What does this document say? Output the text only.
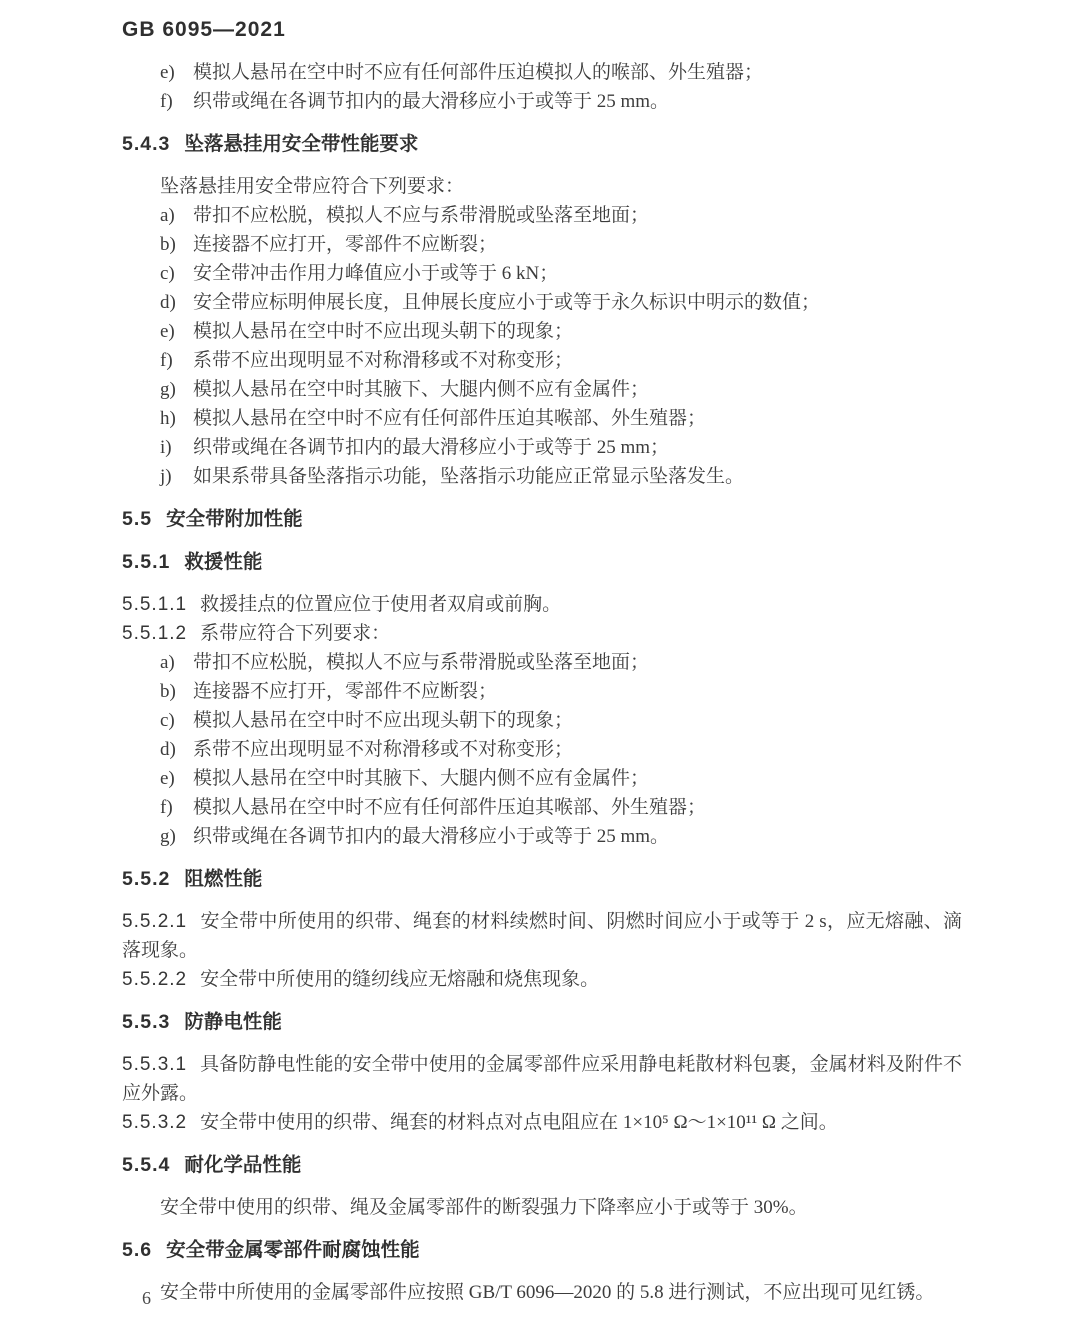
GB 6095—2021
e) 模拟人悬吊在空中时不应有任何部件压迫模拟人的喉部、外生殖器；
f)	织带或绳在各调节扣内的最大滑移应小于或等于 25 mm。
5.4.3 坠落悬挂用安全带性能要求
坠落悬挂用安全带应符合下列要求：
a) 带扣不应松脱，模拟人不应与系带滑脱或坠落至地面；
b) 连接器不应打开，零部件不应断裂；
c) 安全带冲击作用力峰值应小于或等于 6 kN；
d) 安全带应标明伸展长度，且伸展长度应小于或等于永久标识中明示的数值；
e) 模拟人悬吊在空中时不应出现头朝下的现象；
f)	系带不应出现明显不对称滑移或不对称变形；
g) 模拟人悬吊在空中时其腋下、大腿内侧不应有金属件；
h) 模拟人悬吊在空中时不应有任何部件压迫其喉部、外生殖器；
i)	织带或绳在各调节扣内的最大滑移应小于或等于 25 mm；
j)	如果系带具备坠落指示功能，坠落指示功能应正常显示坠落发生。
5.5 安全带附加性能
5.5.1 救援性能
5.5.1.1 救援挂点的位置应位于使用者双肩或前胸。
5.5.1.2 系带应符合下列要求：
a) 带扣不应松脱，模拟人不应与系带滑脱或坠落至地面；
b) 连接器不应打开，零部件不应断裂；
c) 模拟人悬吊在空中时不应出现头朝下的现象；
d) 系带不应出现明显不对称滑移或不对称变形；
e) 模拟人悬吊在空中时其腋下、大腿内侧不应有金属件；
f)	模拟人悬吊在空中时不应有任何部件压迫其喉部、外生殖器；
g) 织带或绳在各调节扣内的最大滑移应小于或等于 25 mm。
5.5.2 阻燃性能
5.5.2.1 安全带中所使用的织带、绳套的材料续燃时间、阴燃时间应小于或等于 2 s，应无熔融、滴落现象。
5.5.2.2 安全带中所使用的缝纫线应无熔融和烧焦现象。
5.5.3 防静电性能
5.5.3.1 具备防静电性能的安全带中使用的金属零部件应采用静电耗散材料包裹，金属材料及附件不应外露。
5.5.3.2 安全带中使用的织带、绳套的材料点对点电阻应在 1×10⁵ Ω～1×10¹¹ Ω 之间。
5.5.4 耐化学品性能
安全带中使用的织带、绳及金属零部件的断裂强力下降率应小于或等于 30%。
5.6 安全带金属零部件耐腐蚀性能
安全带中所使用的金属零部件应按照 GB/T 6096—2020 的 5.8 进行测试，不应出现可见红锈。
6
